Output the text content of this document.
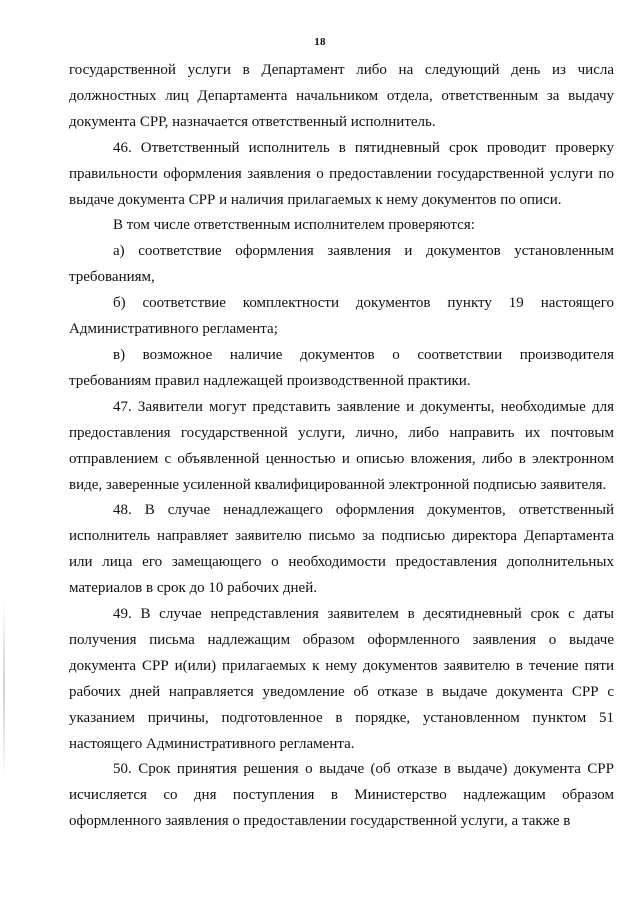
18

государственной услуги в Департамент либо на следующий день из числа должностных лиц Департамента начальником отдела, ответственным за выдачу документа СРР, назначается ответственный исполнитель.

46. Ответственный исполнитель в пятидневный срок проводит проверку правильности оформления заявления о предоставлении государственной услуги по выдаче документа СРР и наличия прилагаемых к нему документов по описи.

В том числе ответственным исполнителем проверяются:

а) соответствие оформления заявления и документов установленным требованиям,

б) соответствие комплектности документов пункту 19 настоящего Административного регламента;

в) возможное наличие документов о соответствии производителя требованиям правил надлежащей производственной практики.

47. Заявители могут представить заявление и документы, необходимые для предоставления государственной услуги, лично, либо направить их почтовым отправлением с объявленной ценностью и описью вложения, либо в электронном виде, заверенные усиленной квалифицированной электронной подписью заявителя.

48. В случае ненадлежащего оформления документов, ответственный исполнитель направляет заявителю письмо за подписью директора Департамента или лица его замещающего о необходимости предоставления дополнительных материалов в срок до 10 рабочих дней.

49. В случае непредставления заявителем в десятидневный срок с даты получения письма надлежащим образом оформленного заявления о выдаче документа СРР и(или) прилагаемых к нему документов заявителю в течение пяти рабочих дней направляется уведомление об отказе в выдаче документа СРР с указанием причины, подготовленное в порядке, установленном пунктом 51 настоящего Административного регламента.

50. Срок принятия решения о выдаче (об отказе в выдаче) документа СРР исчисляется со дня поступления в Министерство надлежащим образом оформленного заявления о предоставлении государственной услуги, а также в
